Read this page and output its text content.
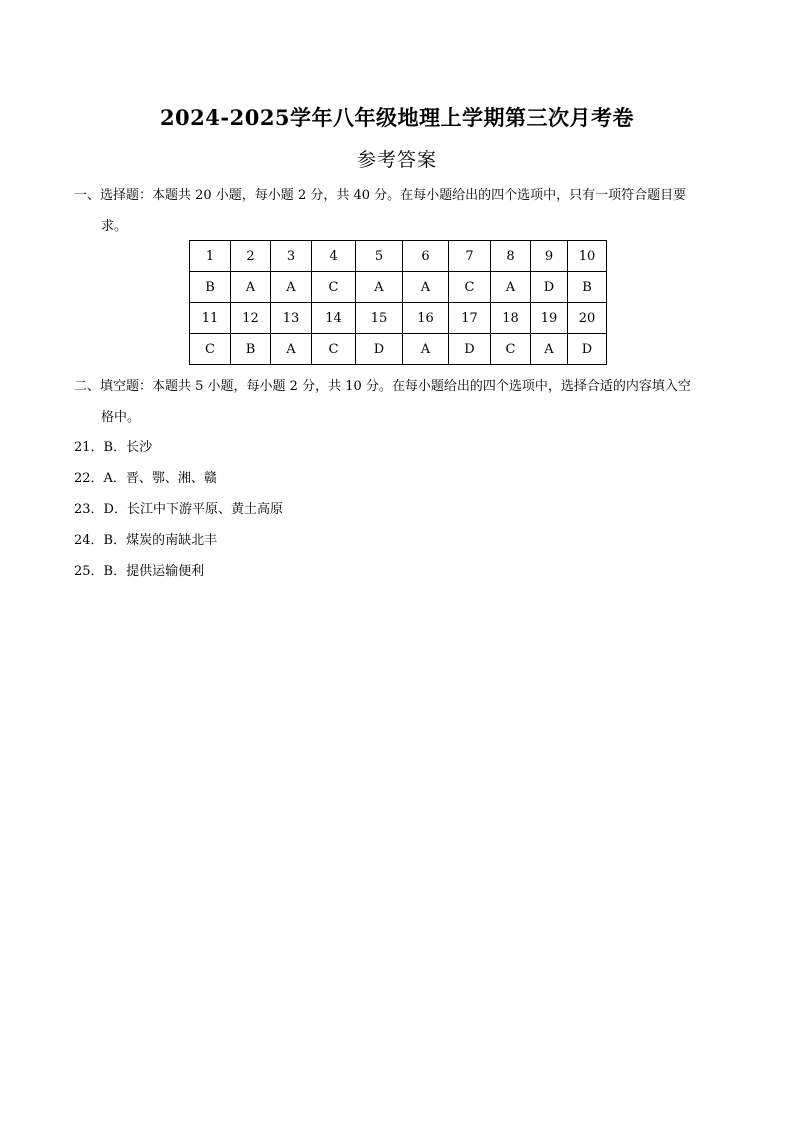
2024-2025学年八年级地理上学期第三次月考卷
参考答案
一、选择题：本题共 20 小题，每小题 2 分，共 40 分。在每小题给出的四个选项中，只有一项符合题目要
求。
1	2	3	4	5	6	7	8	9	10
B	A	A	C	A	A	C	A	D	B
11	12	13	14	15	16	17	18	19	20
C	B	A	C	D	A	D	C	A	D
二、填空题：本题共 5 小题，每小题 2 分，共 10 分。在每小题给出的四个选项中，选择合适的内容填入空
格中。
21．B．长沙
22．A．晋、鄂、湘、赣
23．D．长江中下游平原、黄土高原
24．B．煤炭的南缺北丰
25．B．提供运输便利
